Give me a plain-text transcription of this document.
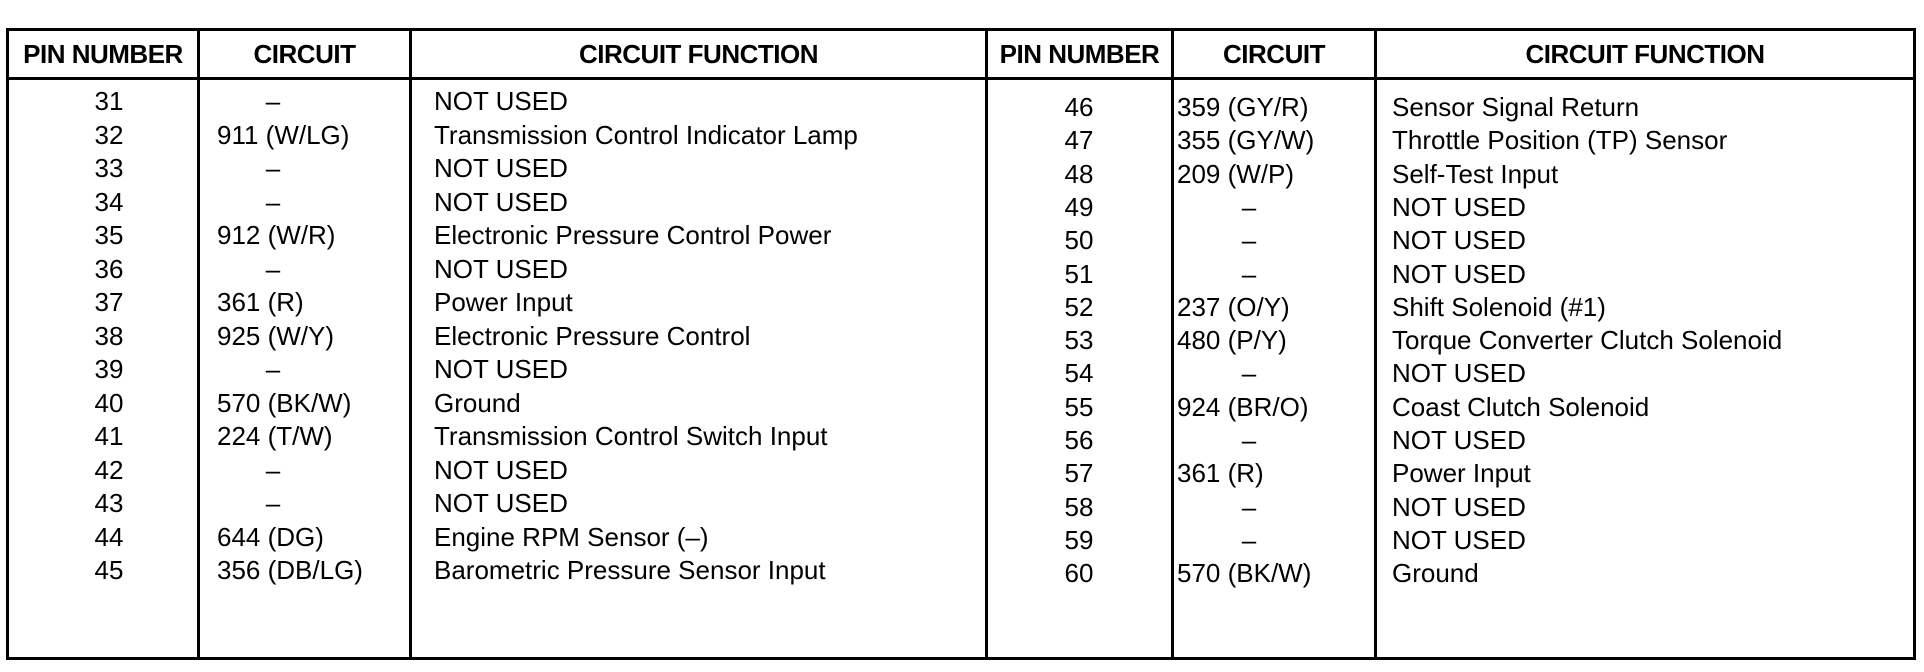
PIN NUMBER	CIRCUIT	CIRCUIT FUNCTION	PIN NUMBER	CIRCUIT	CIRCUIT FUNCTION
31	–	NOT USED
32	911 (W/LG)	Transmission Control Indicator Lamp
33	–	NOT USED
34	–	NOT USED
35	912 (W/R)	Electronic Pressure Control Power
36	–	NOT USED
37	361 (R)	Power Input
38	925 (W/Y)	Electronic Pressure Control
39	–	NOT USED
40	570 (BK/W)	Ground
41	224 (T/W)	Transmission Control Switch Input
42	–	NOT USED
43	–	NOT USED
44	644 (DG)	Engine RPM Sensor (–)
45	356 (DB/LG)	Barometric Pressure Sensor Input
46	359 (GY/R)	Sensor Signal Return
47	355 (GY/W)	Throttle Position (TP) Sensor
48	209 (W/P)	Self-Test Input
49	–	NOT USED
50	–	NOT USED
51	–	NOT USED
52	237 (O/Y)	Shift Solenoid (#1)
53	480 (P/Y)	Torque Converter Clutch Solenoid
54	–	NOT USED
55	924 (BR/O)	Coast Clutch Solenoid
56	–	NOT USED
57	361 (R)	Power Input
58	–	NOT USED
59	–	NOT USED
60	570 (BK/W)	Ground
